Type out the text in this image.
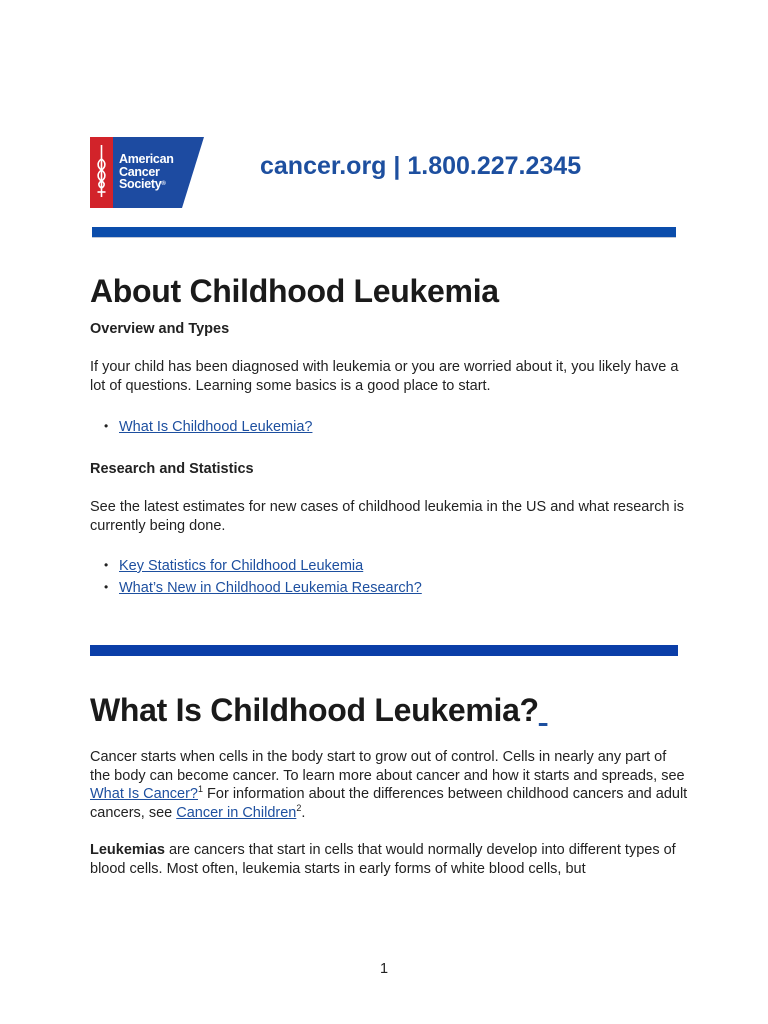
American
Cancer
Society®

cancer.org | 1.800.227.2345

About Childhood Leukemia
Overview and Types

If your child has been diagnosed with leukemia or you are worried about it, you likely have a lot of questions. Learning some basics is a good place to start.

• What Is Childhood Leukemia?
Research and Statistics

See the latest estimates for new cases of childhood leukemia in the US and what research is currently being done.

• Key Statistics for Childhood Leukemia
• What’s New in Childhood Leukemia Research?
What Is Childhood Leukemia?

Cancer starts when cells in the body start to grow out of control. Cells in nearly any part of the body can become cancer. To learn more about cancer and how it starts and spreads, see What Is Cancer?$^1$ For information about the differences between childhood cancers and adult cancers, see Cancer in Children$^2$.

Leukemias are cancers that start in cells that would normally develop into different types of blood cells. Most often, leukemia starts in early forms of white blood cells, but

1
